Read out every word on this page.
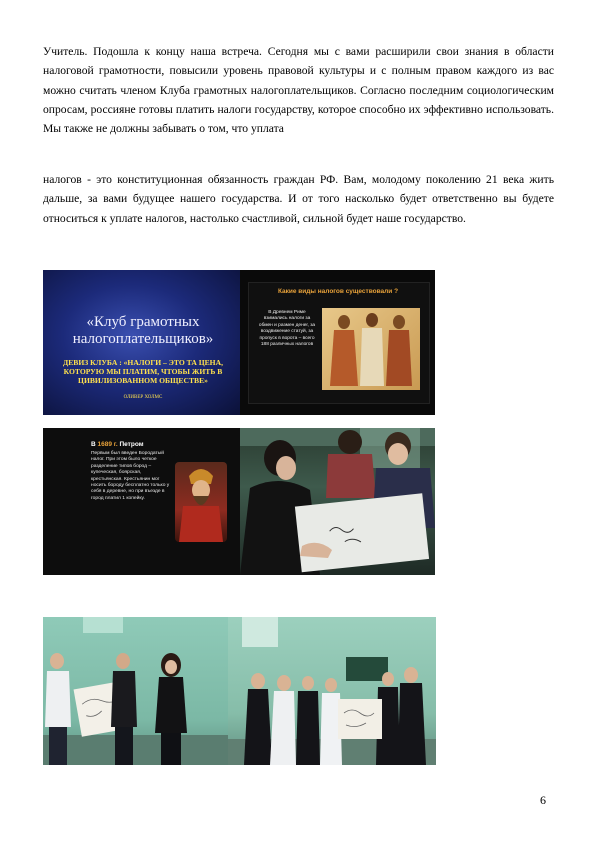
Учитель. Подошла к концу наша встреча. Сегодня мы с вами расширили свои знания в области налоговой грамотности, повысили уровень правовой культуры и с полным правом каждого из вас можно считать членом Клуба грамотных налогоплательщиков. Согласно последним социологическим опросам, россияне готовы платить налоги государству, которое способно их эффективно использовать. Мы также не должны забывать о том, что уплата

налогов - это конституционная обязанность граждан РФ. Вам, молодому поколению 21 века жить дальше, за вами будущее нашего государства. И от того насколько будет ответственно вы будете относиться к уплате налогов, настолько счастливой, сильной будет наше государство.

«Клуб грамотных налогоплательщиков»
ДЕВИЗ КЛУБА : «НАЛОГИ – ЭТО ТА ЦЕНА, КОТОРУЮ МЫ ПЛАТИМ, ЧТОБЫ ЖИТЬ В ЦИВИЛИЗОВАННОМ ОБЩЕСТВЕ»
ОЛИВЕР ХОЛМС
Какие виды налогов существовали ?
В Древнем Риме взимались налоги за обмен и размен денег, за воздвижение статуй, за пропуск в ворота – всего 188 различных налогов
В 1689 г. Петром
Первым был введен Бородатый налог. При этом было четкое разделение типов бород – купеческая, боярская, крестьянская. Крестьянин мог носить бороду бесплатно только у себя в деревне, но при въезде в город платил 1 копейку.
6
